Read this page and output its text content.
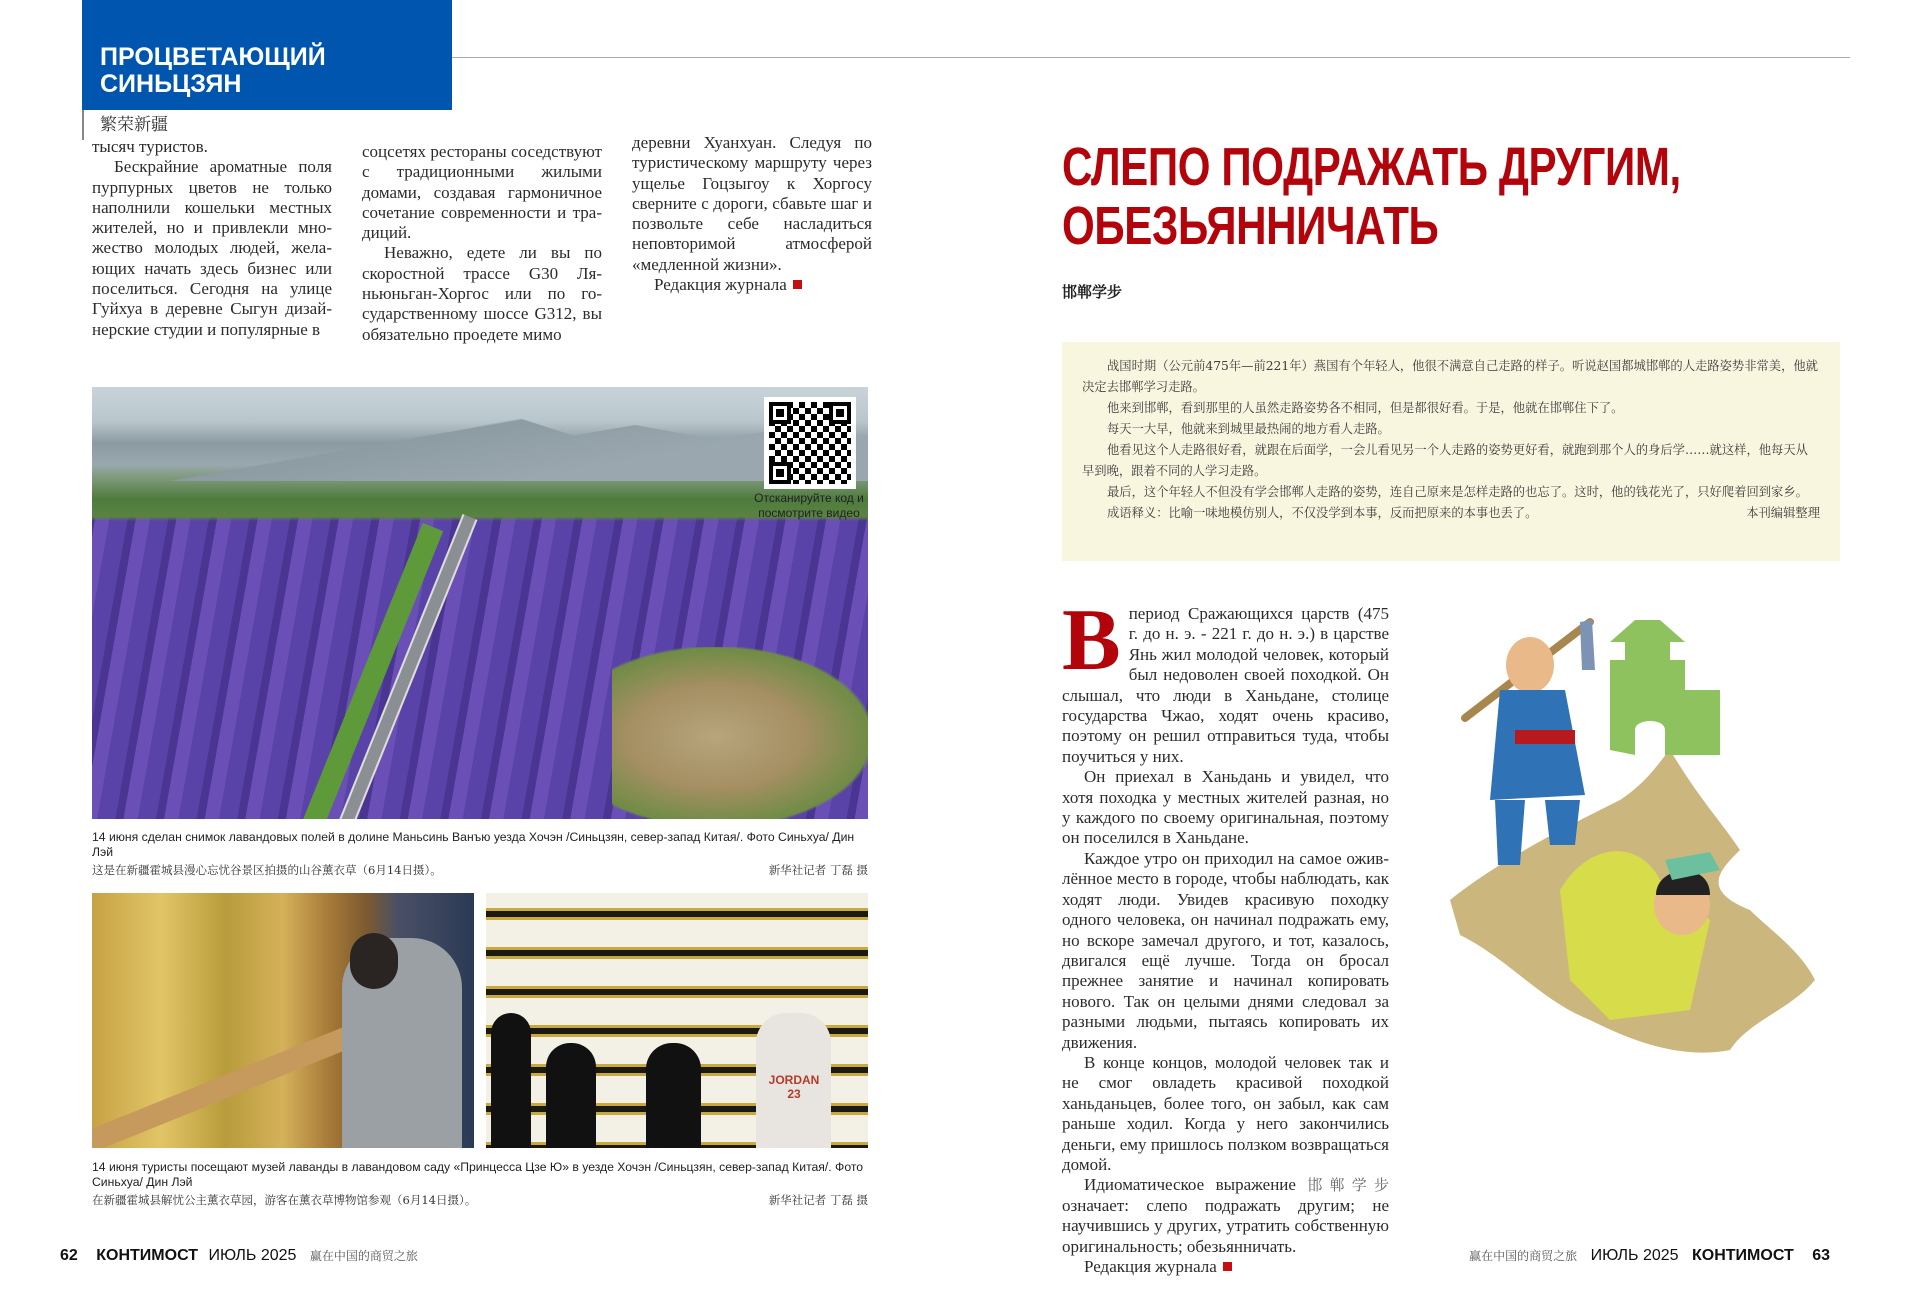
ПРОЦВЕТАЮЩИЙ
СИНЬЦЗЯН
繁荣新疆

тысяч туристов.

Бескрайние ароматные поля пурпурных цветов не только наполнили кошельки местных жителей, но и привлекли множество молодых людей, желающих начать здесь бизнес или поселиться. Сегодня на улице Гуйхуа в деревне Сыгун дизайнерские студии и популярные в

соцсетях рестораны соседствуют с традиционными жилыми домами, создавая гармоничное сочетание современности и традиций.

Неважно, едете ли вы по скоростной трассе G30 Ляньюньган-Хоргос или по государственному шоссе G312, вы обязательно проедете мимо

деревни Хуанхуан. Следуя по туристическому маршруту через ущелье Гоцзыгоу к Хоргосу сверните с дороги, сбавьте шаг и позвольте себе насладиться неповторимой атмосферой «медленной жизни».

Редакция журнала

Отсканируйте код и посмотрите видео
14 июня сделан снимок лавандовых полей в долине Маньсинь Ванъю уезда Хочэн /Синьцзян, север-запад Китая/. Фото Синьхуа/ Дин Лэй
这是在新疆霍城县漫心忘忧谷景区拍摄的山谷薰衣草（6月14日摄）。	新华社记者 丁磊 摄
JORDAN 23
14 июня туристы посещают музей лаванды в лавандовом саду «Принцесса Цзе Ю» в уезде Хочэн /Синьцзян, север-запад Китая/. Фото Синьхуа/ Дин Лэй
在新疆霍城县解忧公主薰衣草园，游客在薰衣草博物馆参观（6月14日摄）。	新华社记者 丁磊 摄
62 КОНТИМОСТ ИЮЛЬ 2025 赢在中国的商贸之旅
СЛЕПО ПОДРАЖАТЬ ДРУГИМ,
ОБЕЗЬЯННИЧАТЬ
邯郸学步

战国时期（公元前475年—前221年）燕国有个年轻人，他很不满意自己走路的样子。听说赵国都城邯郸的人走路姿势非常美，他就决定去邯郸学习走路。

他来到邯郸，看到那里的人虽然走路姿势各不相同，但是都很好看。于是，他就在邯郸住下了。

每天一大早，他就来到城里最热闹的地方看人走路。

他看见这个人走路很好看，就跟在后面学，一会儿看见另一个人走路的姿势更好看，就跑到那个人的身后学……就这样，他每天从早到晚，跟着不同的人学习走路。

最后，这个年轻人不但没有学会邯郸人走路的姿势，连自己原来是怎样走路的也忘了。这时，他的钱花光了，只好爬着回到家乡。

成语释义：比喻一味地模仿别人，不仅没学到本事，反而把原来的本事也丢了。	本刊编辑整理

В период Сражающихся царств (475 г. до н. э. - 221 г. до н. э.) в царстве Янь жил молодой человек, который был недоволен своей походкой. Он слышал, что люди в Ханьдане, столице государства Чжао, ходят очень красиво, поэтому он решил отправиться туда, чтобы поучиться у них.

Он приехал в Ханьдань и увидел, что хотя походка у местных жителей разная, но у каждого по своему оригинальная, поэтому он поселился в Ханьдане.

Каждое утро он приходил на самое оживлённое место в городе, чтобы наблюдать, как ходят люди. Увидев красивую походку одного человека, он начинал подражать ему, но вскоре замечал другого, и тот, казалось, двигался ещё лучше. Тогда он бросал прежнее занятие и начинал копировать нового. Так он целыми днями следовал за разными людьми, пытаясь копировать их движения.

В конце концов, молодой человек так и не смог овладеть красивой походкой ханьданьцев, более того, он забыл, как сам раньше ходил. Когда у него закончились деньги, ему пришлось ползком возвращаться домой.

Идиоматическое выражение 邯郸学步 означает: слепо подражать другим; не научившись у других, утратить собственную оригинальность; обезьянничать.

Редакция журнала

赢在中国的商贸之旅 ИЮЛЬ 2025 КОНТИМОСТ 63
